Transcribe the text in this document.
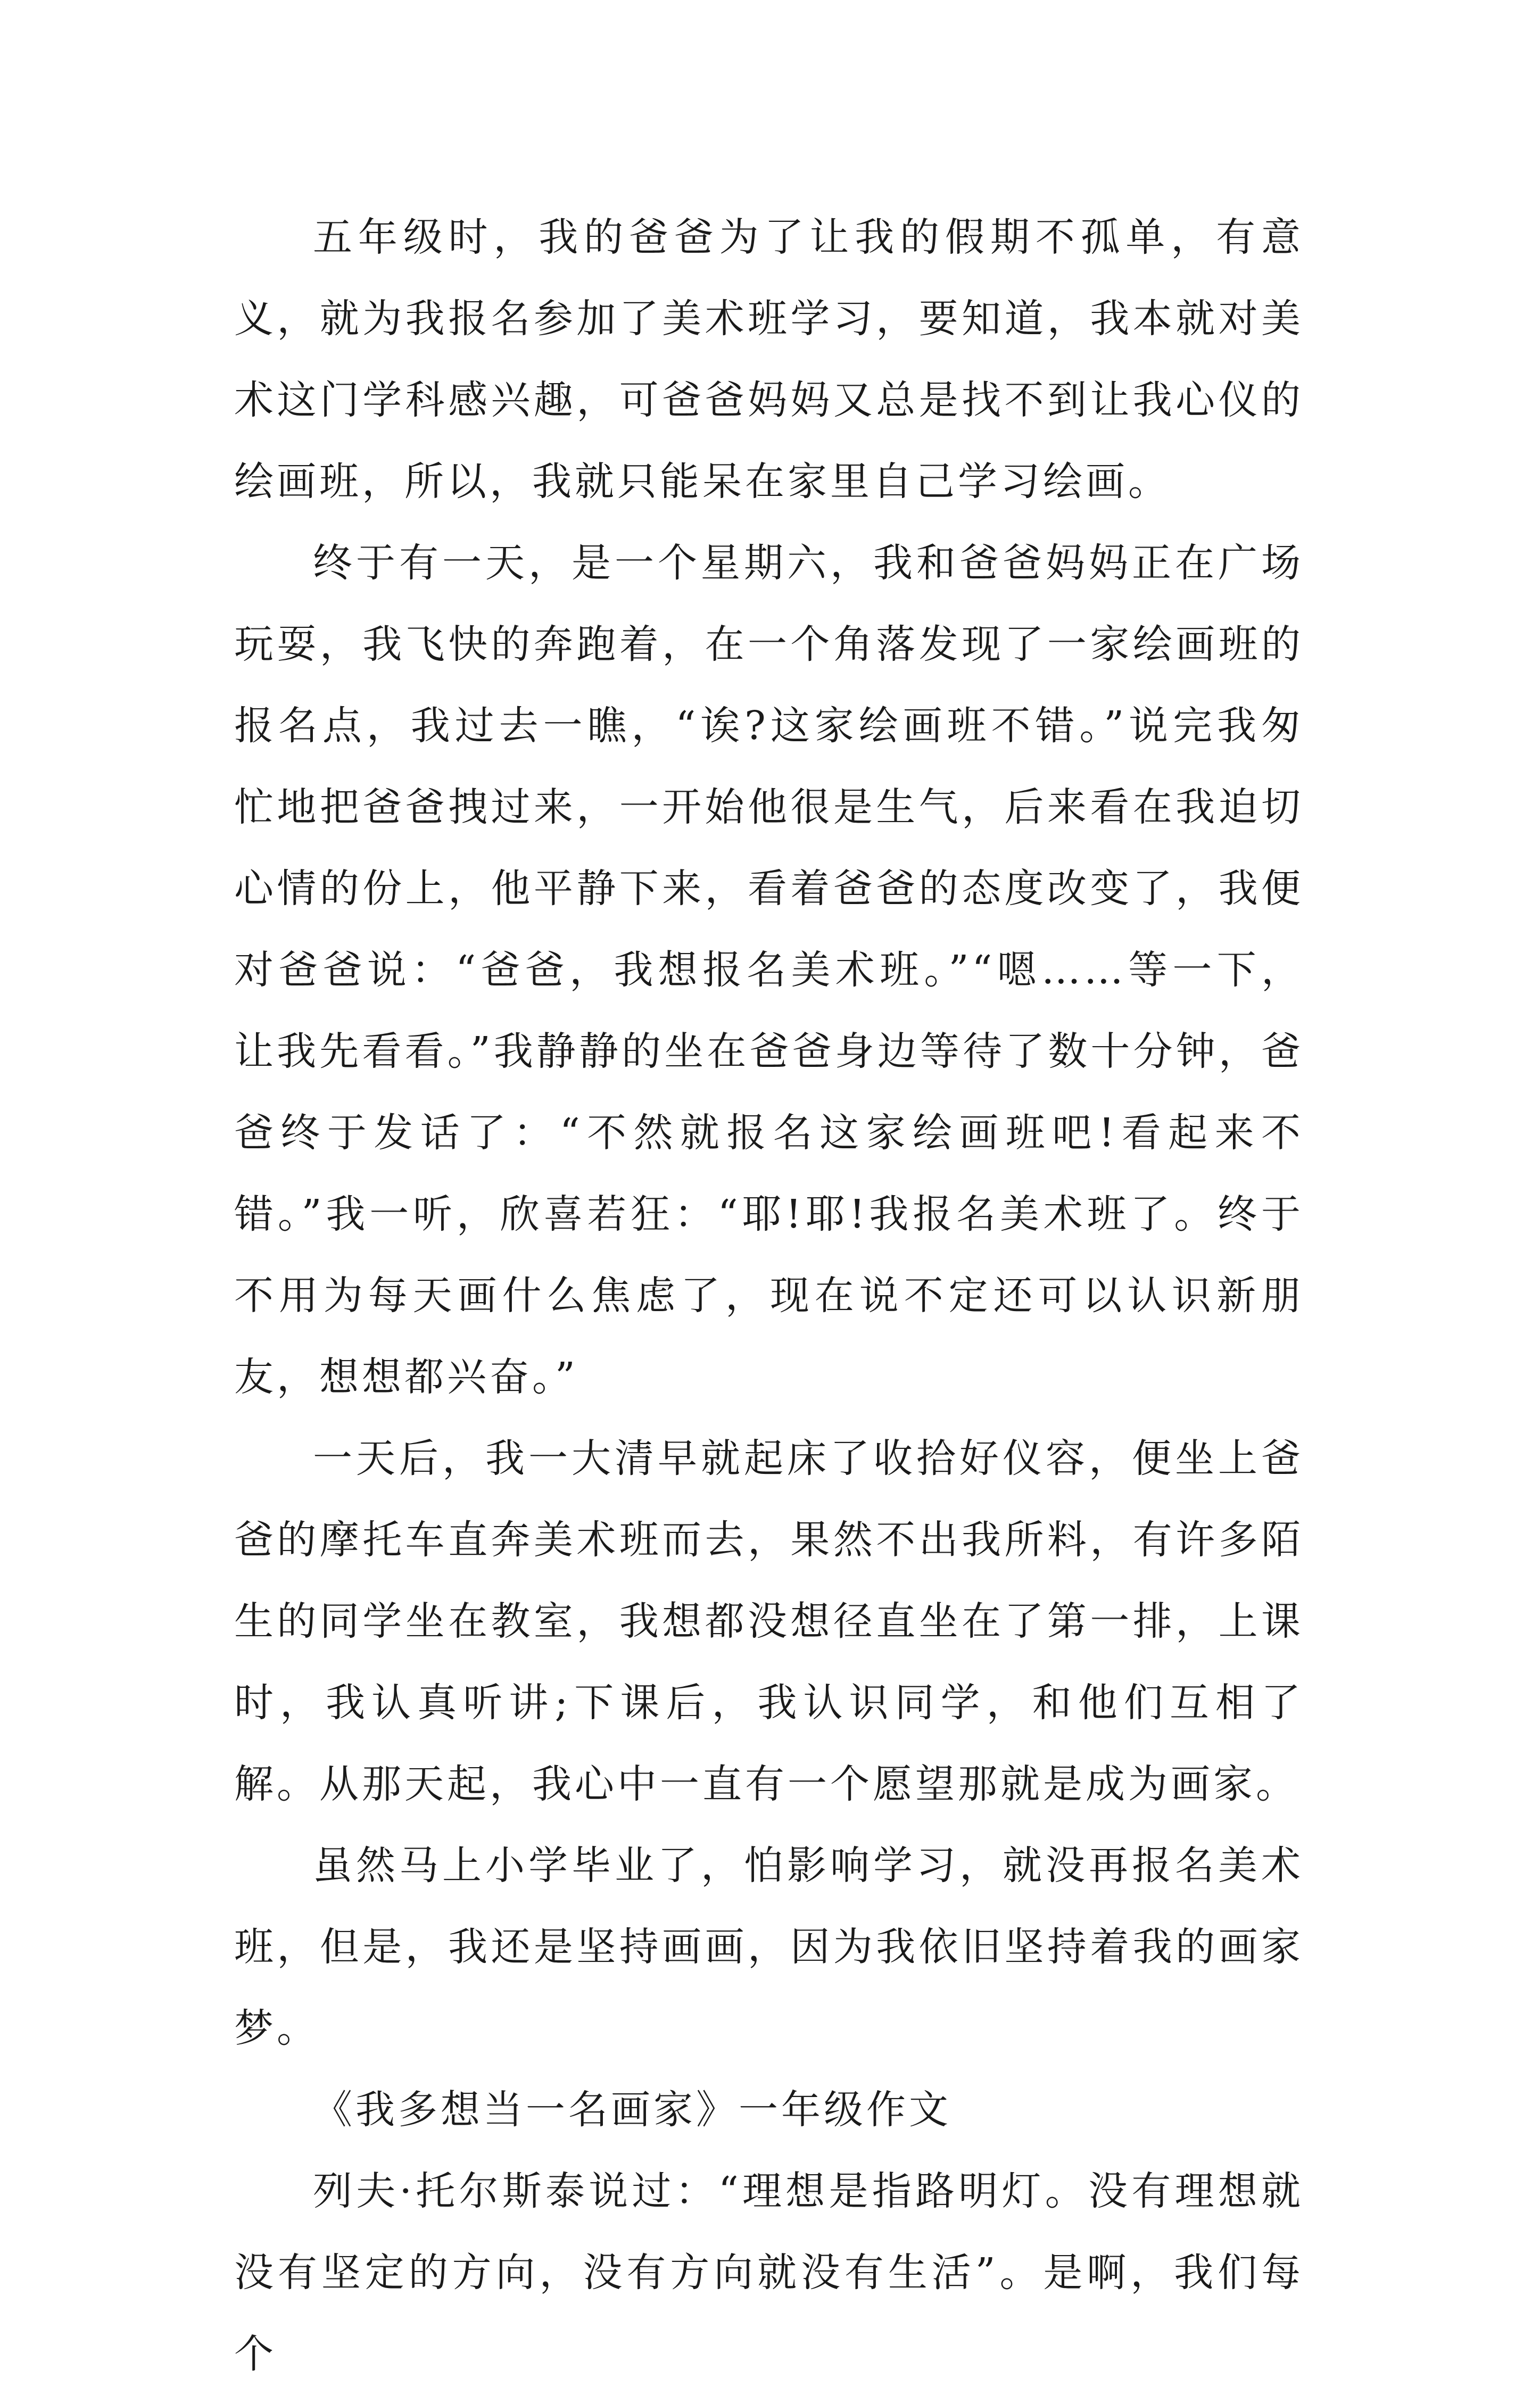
五年级时，我的爸爸为了让我的假期不孤单，有意义，就为我报名参加了美术班学习，要知道，我本就对美术这门学科感兴趣，可爸爸妈妈又总是找不到让我心仪的绘画班，所以，我就只能呆在家里自己学习绘画。

终于有一天，是一个星期六，我和爸爸妈妈正在广场玩耍，我飞快的奔跑着，在一个角落发现了一家绘画班的报名点，我过去一瞧，“诶?这家绘画班不错。”说完我匆忙地把爸爸拽过来，一开始他很是生气，后来看在我迫切心情的份上，他平静下来，看着爸爸的态度改变了，我便对爸爸说：“爸爸，我想报名美术班。”“嗯……等一下，让我先看看。”我静静的坐在爸爸身边等待了数十分钟，爸爸终于发话了：“不然就报名这家绘画班吧!看起来不错。”我一听，欣喜若狂：“耶!耶!我报名美术班了。终于不用为每天画什么焦虑了，现在说不定还可以认识新朋友，想想都兴奋。”

一天后，我一大清早就起床了收拾好仪容，便坐上爸爸的摩托车直奔美术班而去，果然不出我所料，有许多陌生的同学坐在教室，我想都没想径直坐在了第一排，上课时，我认真听讲;下课后，我认识同学，和他们互相了解。从那天起，我心中一直有一个愿望那就是成为画家。

虽然马上小学毕业了，怕影响学习，就没再报名美术班，但是，我还是坚持画画，因为我依旧坚持着我的画家梦。

《我多想当一名画家》一年级作文

列夫·托尔斯泰说过：“理想是指路明灯。没有理想就没有坚定的方向，没有方向就没有生活”。是啊，我们每个
